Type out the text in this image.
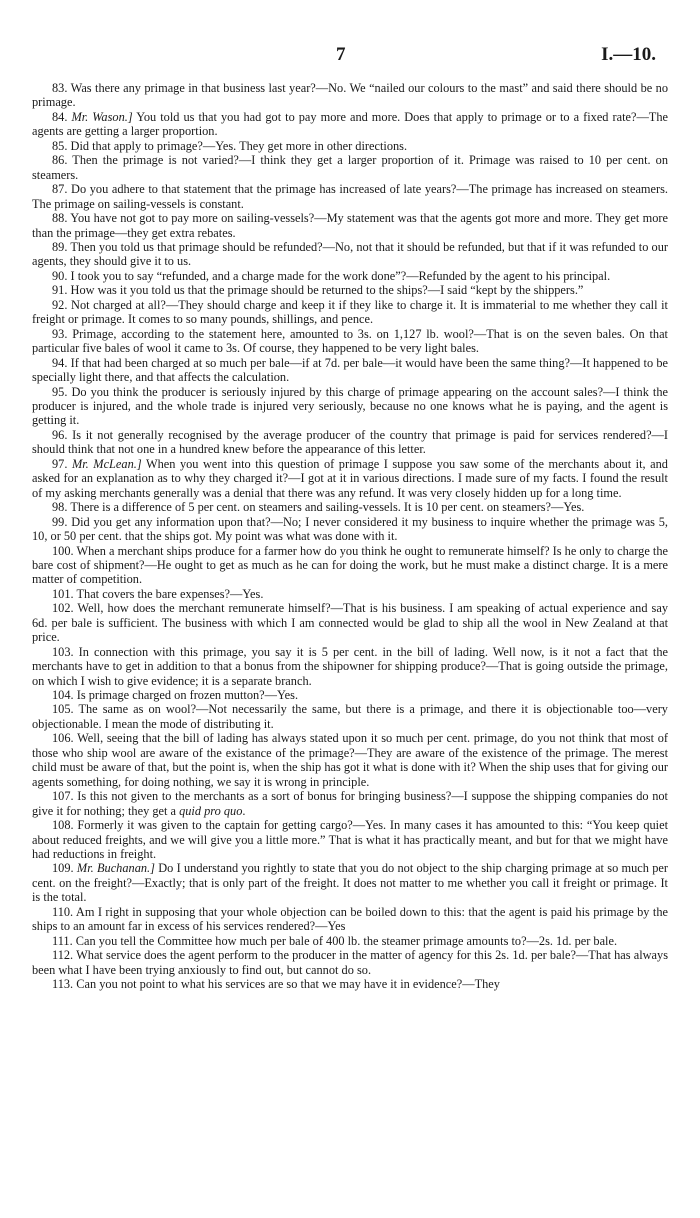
7	I.—10.

83. Was there any primage in that business last year?—No. We “nailed our colours to the mast” and said there should be no primage.

84. Mr. Wason.] You told us that you had got to pay more and more. Does that apply to primage or to a fixed rate?—The agents are getting a larger proportion.

85. Did that apply to primage?—Yes. They get more in other directions.

86. Then the primage is not varied?—I think they get a larger proportion of it. Primage was raised to 10 per cent. on steamers.

87. Do you adhere to that statement that the primage has increased of late years?—The primage has increased on steamers. The primage on sailing-vessels is constant.

88. You have not got to pay more on sailing-vessels?—My statement was that the agents got more and more. They get more than the primage—they get extra rebates.

89. Then you told us that primage should be refunded?—No, not that it should be refunded, but that if it was refunded to our agents, they should give it to us.

90. I took you to say “refunded, and a charge made for the work done”?—Refunded by the agent to his principal.

91. How was it you told us that the primage should be returned to the ships?—I said “kept by the shippers.”

92. Not charged at all?—They should charge and keep it if they like to charge it. It is immaterial to me whether they call it freight or primage. It comes to so many pounds, shillings, and pence.

93. Primage, according to the statement here, amounted to 3s. on 1,127 lb. wool?—That is on the seven bales. On that particular five bales of wool it came to 3s. Of course, they happened to be very light bales.

94. If that had been charged at so much per bale—if at 7d. per bale—it would have been the same thing?—It happened to be specially light there, and that affects the calculation.

95. Do you think the producer is seriously injured by this charge of primage appearing on the account sales?—I think the producer is injured, and the whole trade is injured very seriously, because no one knows what he is paying, and the agent is getting it.

96. Is it not generally recognised by the average producer of the country that primage is paid for services rendered?—I should think that not one in a hundred knew before the appearance of this letter.

97. Mr. McLean.] When you went into this question of primage I suppose you saw some of the merchants about it, and asked for an explanation as to why they charged it?—I got at it in various directions. I made sure of my facts. I found the result of my asking merchants generally was a denial that there was any refund. It was very closely hidden up for a long time.

98. There is a difference of 5 per cent. on steamers and sailing-vessels. It is 10 per cent. on steamers?—Yes.

99. Did you get any information upon that?—No; I never considered it my business to inquire whether the primage was 5, 10, or 50 per cent. that the ships got. My point was what was done with it.

100. When a merchant ships produce for a farmer how do you think he ought to remunerate himself? Is he only to charge the bare cost of shipment?—He ought to get as much as he can for doing the work, but he must make a distinct charge. It is a mere matter of competition.

101. That covers the bare expenses?—Yes.

102. Well, how does the merchant remunerate himself?—That is his business. I am speaking of actual experience and say 6d. per bale is sufficient. The business with which I am connected would be glad to ship all the wool in New Zealand at that price.

103. In connection with this primage, you say it is 5 per cent. in the bill of lading. Well now, is it not a fact that the merchants have to get in addition to that a bonus from the shipowner for shipping produce?—That is going outside the primage, on which I wish to give evidence; it is a separate branch.

104. Is primage charged on frozen mutton?—Yes.

105. The same as on wool?—Not necessarily the same, but there is a primage, and there it is objectionable too—very objectionable. I mean the mode of distributing it.

106. Well, seeing that the bill of lading has always stated upon it so much per cent. primage, do you not think that most of those who ship wool are aware of the existance of the primage?—They are aware of the existence of the primage. The merest child must be aware of that, but the point is, when the ship has got it what is done with it? When the ship uses that for giving our agents something, for doing nothing, we say it is wrong in principle.

107. Is this not given to the merchants as a sort of bonus for bringing business?—I suppose the shipping companies do not give it for nothing; they get a quid pro quo.

108. Formerly it was given to the captain for getting cargo?—Yes. In many cases it has amounted to this: “You keep quiet about reduced freights, and we will give you a little more.” That is what it has practically meant, and but for that we might have had reductions in freight.

109. Mr. Buchanan.] Do I understand you rightly to state that you do not object to the ship charging primage at so much per cent. on the freight?—Exactly; that is only part of the freight. It does not matter to me whether you call it freight or primage. It is the total.

110. Am I right in supposing that your whole objection can be boiled down to this: that the agent is paid his primage by the ships to an amount far in excess of his services rendered?—Yes

111. Can you tell the Committee how much per bale of 400 lb. the steamer primage amounts to?—2s. 1d. per bale.

112. What service does the agent perform to the producer in the matter of agency for this 2s. 1d. per bale?—That has always been what I have been trying anxiously to find out, but cannot do so.

113. Can you not point to what his services are so that we may have it in evidence?—They
